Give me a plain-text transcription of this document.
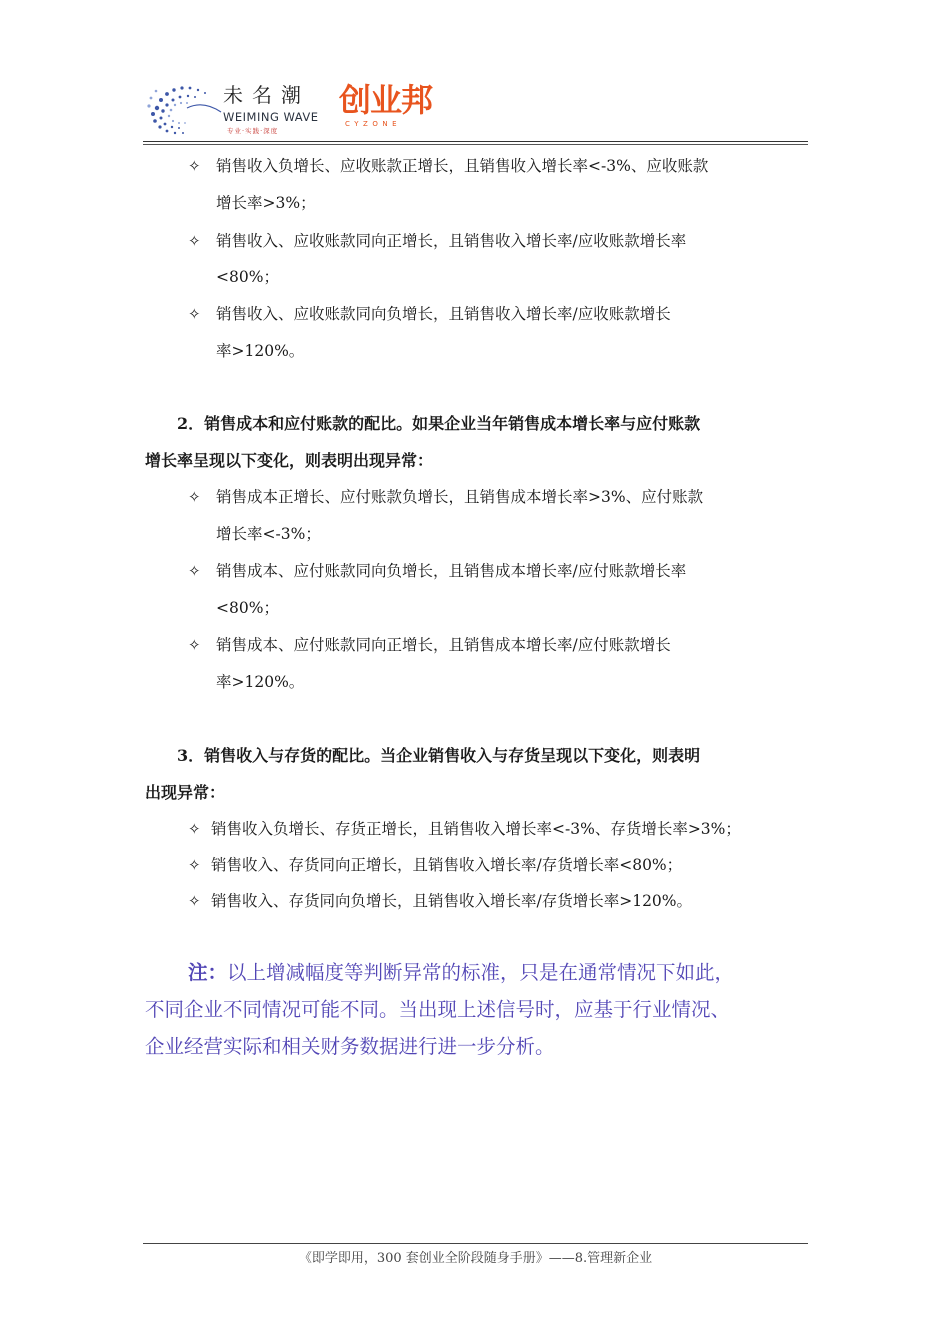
未名潮
WEIMING WAVE
专业·实践·深度
创业邦
CYZONE

✧ 销售收入负增长、应收账款正增长，且销售收入增长率<-3%、应收账款

增长率>3%；

✧ 销售收入、应收账款同向正增长，且销售收入增长率/应收账款增长率

<80%；

✧ 销售收入、应收账款同向负增长，且销售收入增长率/应收账款增长

率>120%。

2．销售成本和应付账款的配比。如果企业当年销售成本增长率与应付账款

增长率呈现以下变化，则表明出现异常：

✧ 销售成本正增长、应付账款负增长，且销售成本增长率>3%、应付账款

增长率<-3%；

✧ 销售成本、应付账款同向负增长，且销售成本增长率/应付账款增长率

<80%；

✧ 销售成本、应付账款同向正增长，且销售成本增长率/应付账款增长

率>120%。

3．销售收入与存货的配比。当企业销售收入与存货呈现以下变化，则表明

出现异常：

✧ 销售收入负增长、存货正增长，且销售收入增长率<-3%、存货增长率>3%；

✧ 销售收入、存货同向正增长，且销售收入增长率/存货增长率<80%；

✧ 销售收入、存货同向负增长，且销售收入增长率/存货增长率>120%。

注：以上增减幅度等判断异常的标准，只是在通常情况下如此，

不同企业不同情况可能不同。当出现上述信号时，应基于行业情况、

企业经营实际和相关财务数据进行进一步分析。

《即学即用，300 套创业全阶段随身手册》——8.管理新企业
